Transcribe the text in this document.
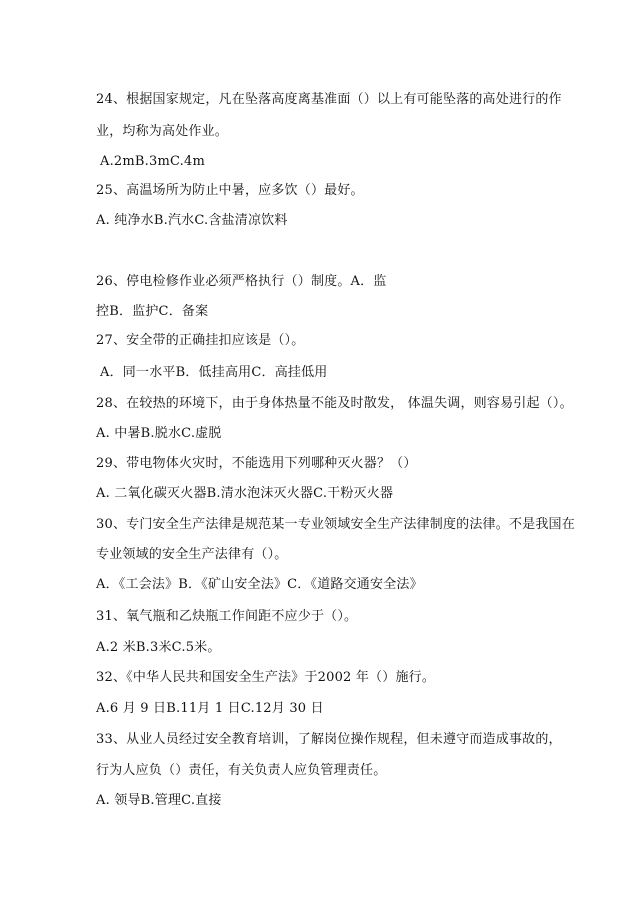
24、根据国家规定，凡在坠落高度离基准面（）以上有可能坠落的高处进行的作
业，均称为高处作业。
A.2mB.3mC.4m
25、高温场所为防止中暑，应多饮（）最好。
A. 纯净水B.汽水C.含盐清凉饮料
26、停电检修作业必须严格执行（）制度。A．监
控B．监护C．备案
27、安全带的正确挂扣应该是（）。
A．同一水平B．低挂高用C．高挂低用
28、在较热的环境下，由于身体热量不能及时散发， 体温失调，则容易引起（）。
A. 中暑B.脱水C.虚脱
29、带电物体火灾时，不能选用下列哪种灭火器？（）
A. 二氧化碳灭火器B.清水泡沫灭火器C.干粉灭火器
30、专门安全生产法律是规范某一专业领域安全生产法律制度的法律。不是我国在
专业领域的安全生产法律有（）。
A．《工会法》B．《矿山安全法》C．《道路交通安全法》
31、氧气瓶和乙炔瓶工作间距不应少于（）。
A.2 米B.3米C.5米。
32、《中华人民共和国安全生产法》于2002 年（）施行。
A.6 月 9 日B.11月 1 日C.12月 30 日
33、从业人员经过安全教育培训，了解岗位操作规程，但未遵守而造成事故的，
行为人应负（）责任，有关负责人应负管理责任。
A. 领导B.管理C.直接
